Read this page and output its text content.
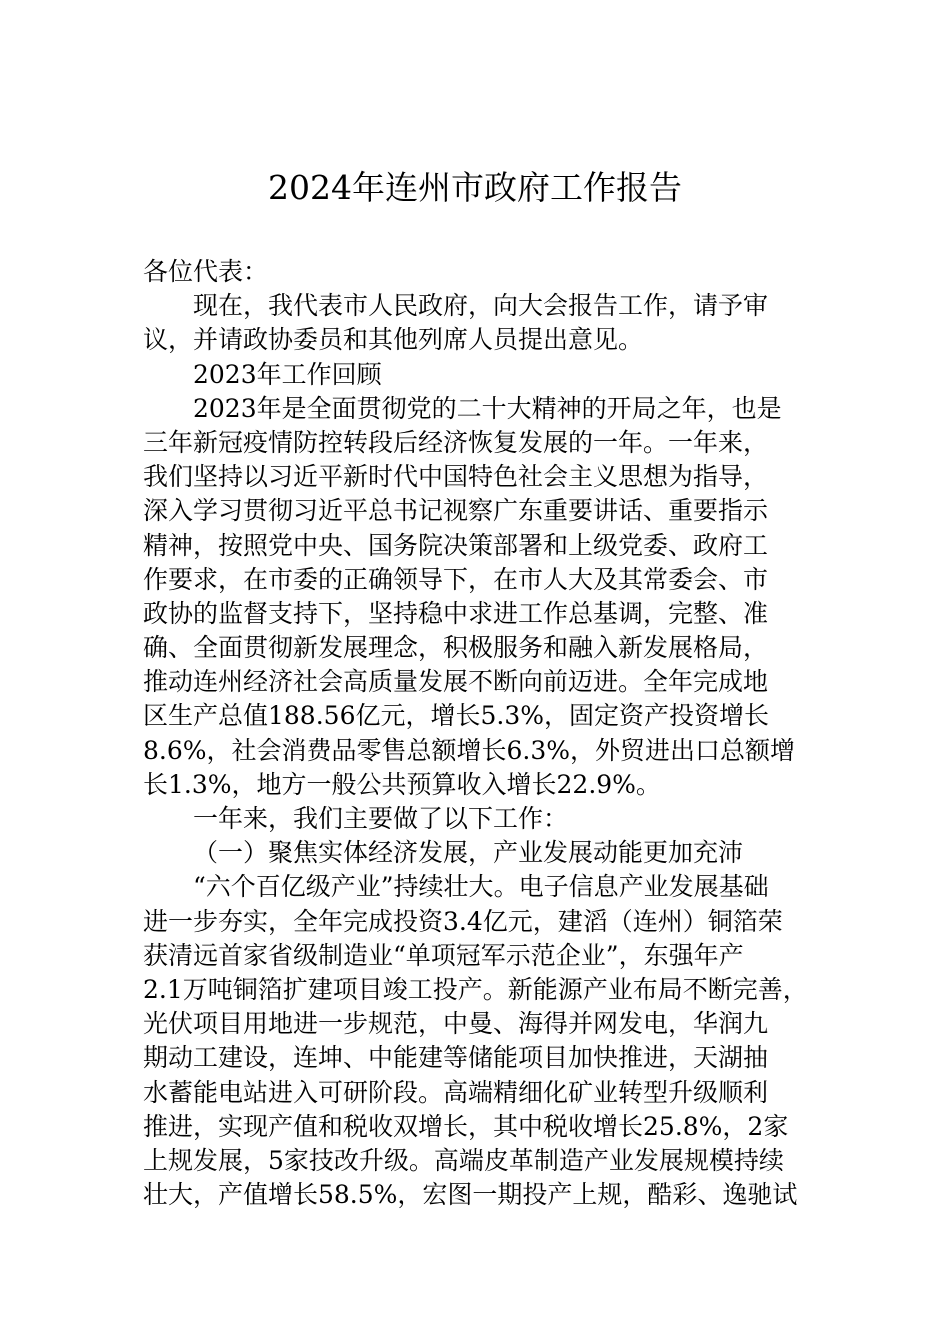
2024年连州市政府工作报告
各位代表：
现在，我代表市人民政府，向大会报告工作，请予审
议，并请政协委员和其他列席人员提出意见。
2023年工作回顾
2023年是全面贯彻党的二十大精神的开局之年，也是
三年新冠疫情防控转段后经济恢复发展的一年。一年来，
我们坚持以习近平新时代中国特色社会主义思想为指导，
深入学习贯彻习近平总书记视察广东重要讲话、重要指示
精神，按照党中央、国务院决策部署和上级党委、政府工
作要求，在市委的正确领导下，在市人大及其常委会、市
政协的监督支持下，坚持稳中求进工作总基调，完整、准
确、全面贯彻新发展理念，积极服务和融入新发展格局，
推动连州经济社会高质量发展不断向前迈进。全年完成地
区生产总值188.56亿元，增长5.3%，固定资产投资增长
8.6%，社会消费品零售总额增长6.3%，外贸进出口总额增
长1.3%，地方一般公共预算收入增长22.9%。
一年来，我们主要做了以下工作：
（一）聚焦实体经济发展，产业发展动能更加充沛
“六个百亿级产业”持续壮大。电子信息产业发展基础
进一步夯实，全年完成投资3.4亿元，建滔（连州）铜箔荣
获清远首家省级制造业“单项冠军示范企业”，东强年产
2.1万吨铜箔扩建项目竣工投产。新能源产业布局不断完善，
光伏项目用地进一步规范，中曼、海得并网发电，华润九
期动工建设，连坤、中能建等储能项目加快推进，天湖抽
水蓄能电站进入可研阶段。高端精细化矿业转型升级顺利
推进，实现产值和税收双增长，其中税收增长25.8%，2家
上规发展，5家技改升级。高端皮革制造产业发展规模持续
壮大，产值增长58.5%，宏图一期投产上规，酷彩、逸驰试
